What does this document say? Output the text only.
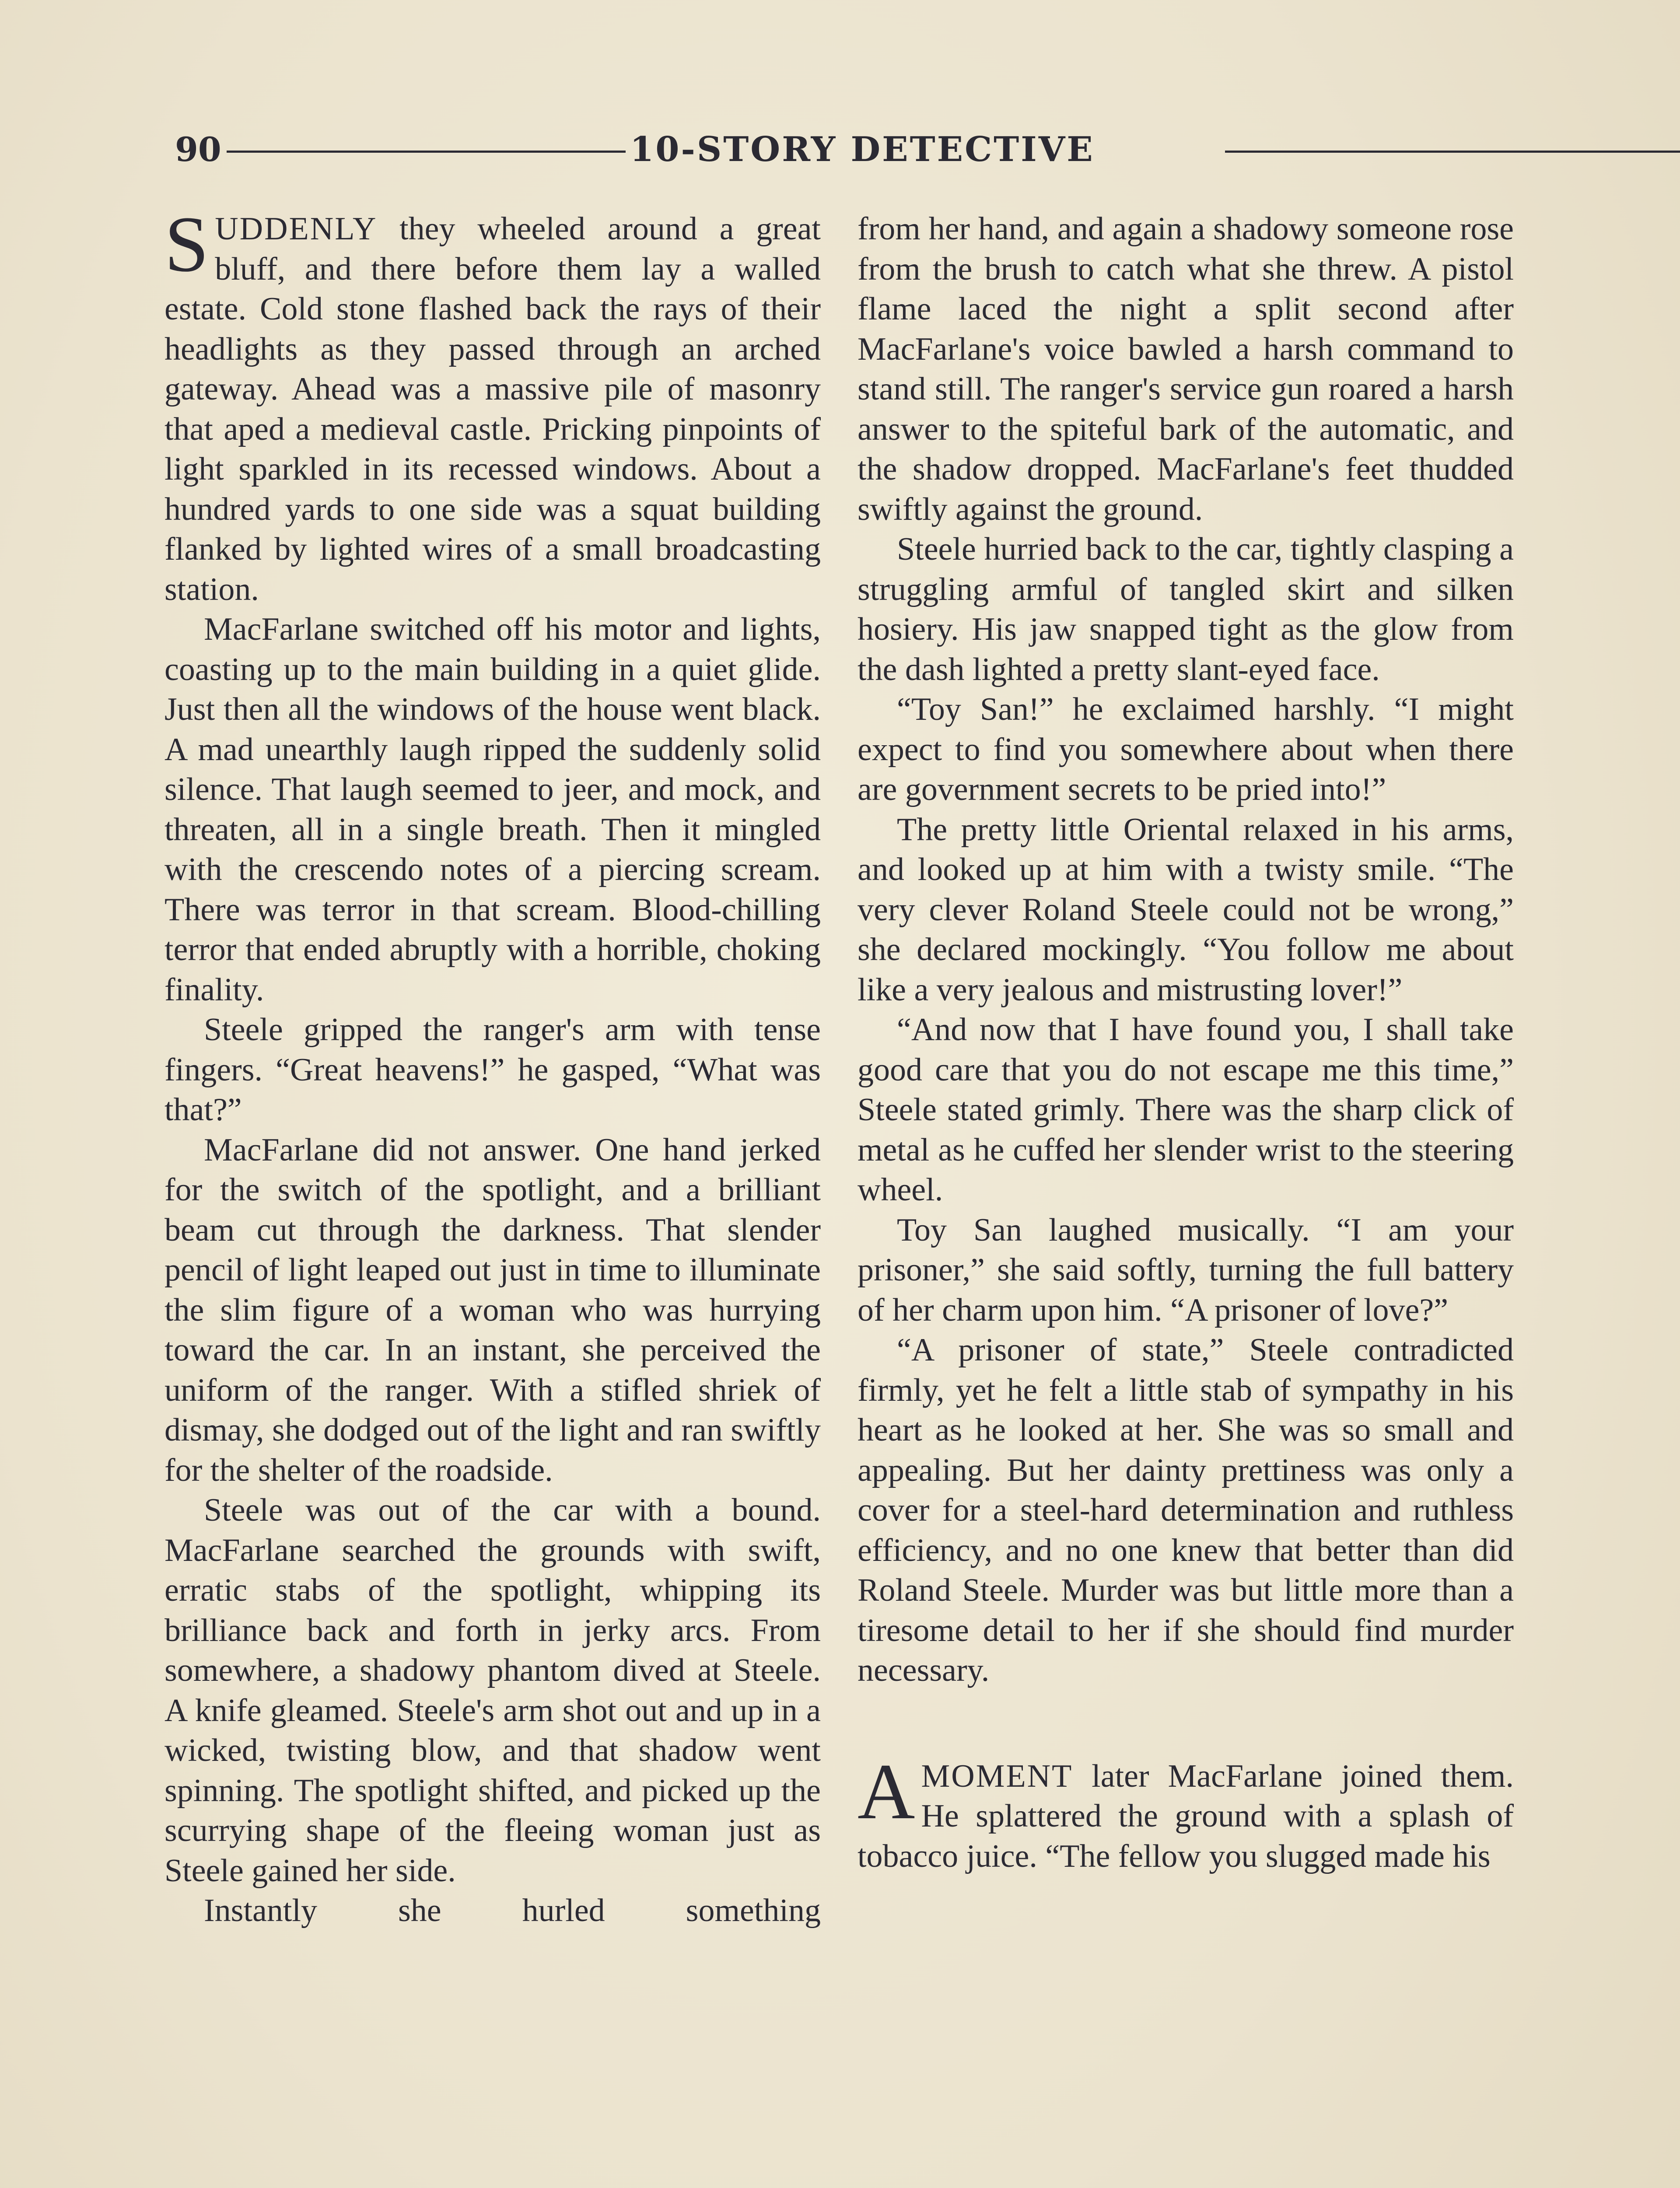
90	10-STORY DETECTIVE

SUDDENLY they wheeled around a great bluff, and there before them lay a walled estate. Cold stone flashed back the rays of their headlights as they passed through an arched gateway. Ahead was a massive pile of masonry that aped a medieval castle. Pricking pinpoints of light sparkled in its recessed windows. About a hundred yards to one side was a squat building flanked by lighted wires of a small broadcasting station.

MacFarlane switched off his motor and lights, coasting up to the main building in a quiet glide. Just then all the windows of the house went black. A mad unearthly laugh ripped the suddenly solid silence. That laugh seemed to jeer, and mock, and threaten, all in a single breath. Then it mingled with the crescendo notes of a piercing scream. There was terror in that scream. Blood-chilling terror that ended abruptly with a horrible, choking finality.

Steele gripped the ranger's arm with tense fingers. “Great heavens!” he gasped, “What was that?”

MacFarlane did not answer. One hand jerked for the switch of the spotlight, and a brilliant beam cut through the darkness. That slender pencil of light leaped out just in time to illuminate the slim figure of a woman who was hurrying toward the car. In an instant, she perceived the uniform of the ranger. With a stifled shriek of dismay, she dodged out of the light and ran swiftly for the shelter of the roadside.

Steele was out of the car with a bound. MacFarlane searched the grounds with swift, erratic stabs of the spotlight, whipping its brilliance back and forth in jerky arcs. From somewhere, a shadowy phantom dived at Steele. A knife gleamed. Steele's arm shot out and up in a wicked, twisting blow, and that shadow went spinning. The spotlight shifted, and picked up the scurrying shape of the fleeing woman just as Steele gained her side.

Instantly she hurled something

from her hand, and again a shadowy someone rose from the brush to catch what she threw. A pistol flame laced the night a split second after MacFarlane's voice bawled a harsh command to stand still. The ranger's service gun roared a harsh answer to the spiteful bark of the automatic, and the shadow dropped. MacFarlane's feet thudded swiftly against the ground.

Steele hurried back to the car, tightly clasping a struggling armful of tangled skirt and silken hosiery. His jaw snapped tight as the glow from the dash lighted a pretty slant-eyed face.

“Toy San!” he exclaimed harshly. “I might expect to find you somewhere about when there are government secrets to be pried into!”

The pretty little Oriental relaxed in his arms, and looked up at him with a twisty smile. “The very clever Roland Steele could not be wrong,” she declared mockingly. “You follow me about like a very jealous and mistrusting lover!”

“And now that I have found you, I shall take good care that you do not escape me this time,” Steele stated grimly. There was the sharp click of metal as he cuffed her slender wrist to the steering wheel.

Toy San laughed musically. “I am your prisoner,” she said softly, turning the full battery of her charm upon him. “A prisoner of love?”

“A prisoner of state,” Steele contradicted firmly, yet he felt a little stab of sympathy in his heart as he looked at her. She was so small and appealing. But her dainty prettiness was only a cover for a steel-hard determination and ruthless efficiency, and no one knew that better than did Roland Steele. Murder was but little more than a tiresome detail to her if she should find murder necessary.

AMOMENT later MacFarlane joined them. He splattered the ground with a splash of tobacco juice. “The fellow you slugged made his
